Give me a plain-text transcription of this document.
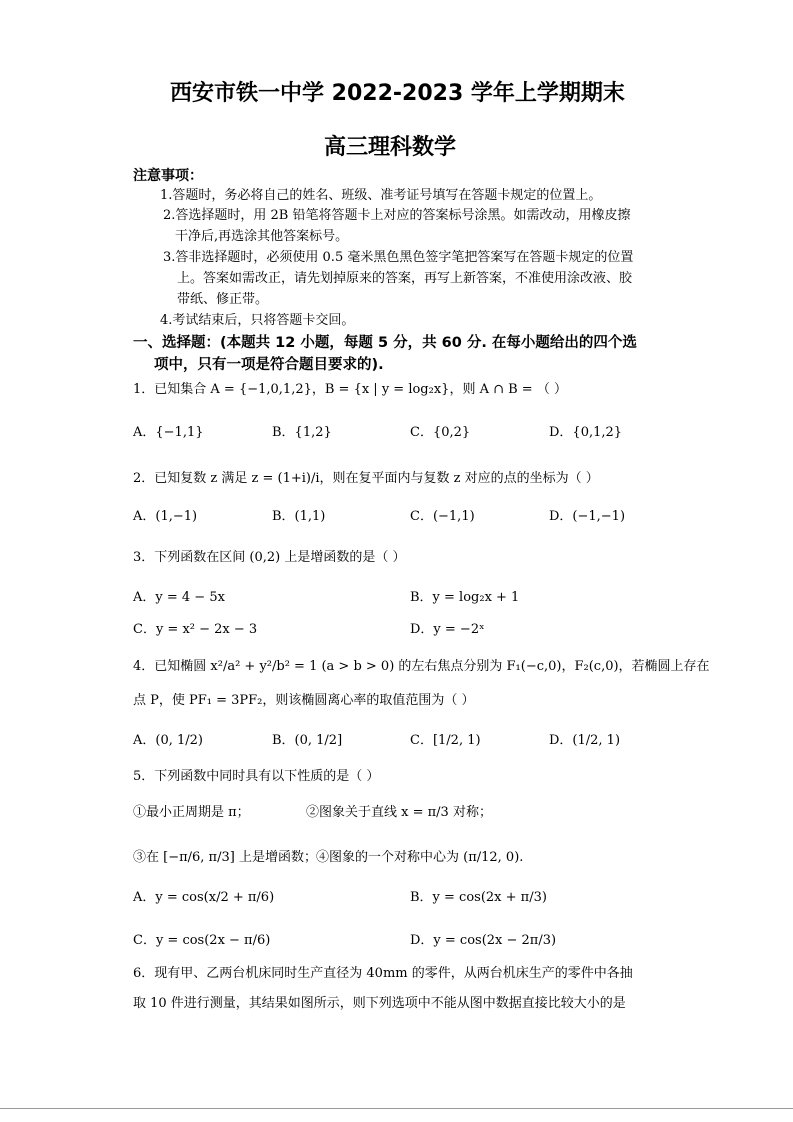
西安市铁一中学 2022-2023 学年上学期期末
高三理科数学
注意事项：
1.答题时，务必将自己的姓名、班级、准考证号填写在答题卡规定的位置上。
2.答选择题时，用 2B 铅笔将答题卡上对应的答案标号涂黑。如需改动，用橡皮擦
干净后,再选涂其他答案标号。
3.答非选择题时，必须使用 0.5 毫米黑色黑色签字笔把答案写在答题卡规定的位置
上。答案如需改正，请先划掉原来的答案，再写上新答案，不准使用涂改液、胶
带纸、修正带。
4.考试结束后，只将答题卡交回。
一、选择题：(本题共 12 小题，每题 5 分，共 60 分. 在每小题给出的四个选
项中，只有一项是符合题目要求的).
1．已知集合 A = {−1,0,1,2}，B = {x | y = log₂x}，则 A ∩ B = （ ）
A．{−1,1}	B．{1,2}	C．{0,2}	D．{0,1,2}
2．已知复数 z 满足 z = (1+i)/i，则在复平面内与复数 z 对应的点的坐标为（ ）
A．(1,−1)	B．(1,1)	C．(−1,1)	D．(−1,−1)
3．下列函数在区间 (0,2) 上是增函数的是（ ）
A．y = 4 − 5x	B．y = log₂x + 1
C．y = x² − 2x − 3	D．y = −2ˣ
4．已知椭圆 x²/a² + y²/b² = 1 (a > b > 0) 的左右焦点分别为 F₁(−c,0)，F₂(c,0)，若椭圆上存在
点 P，使 PF₁ = 3PF₂，则该椭圆离心率的取值范围为（ ）
A．(0, 1/2)	B．(0, 1/2]	C．[1/2, 1)	D．(1/2, 1)
5．下列函数中同时具有以下性质的是（ ）
①最小正周期是 π；	②图象关于直线 x = π/3 对称；
③在 [−π/6, π/3] 上是增函数； ④图象的一个对称中心为 (π/12, 0).
A．y = cos(x/2 + π/6)	B．y = cos(2x + π/3)
C．y = cos(2x − π/6)	D．y = cos(2x − 2π/3)
6．现有甲、乙两台机床同时生产直径为 40mm 的零件，从两台机床生产的零件中各抽
取 10 件进行测量，其结果如图所示，则下列选项中不能从图中数据直接比较大小的是
